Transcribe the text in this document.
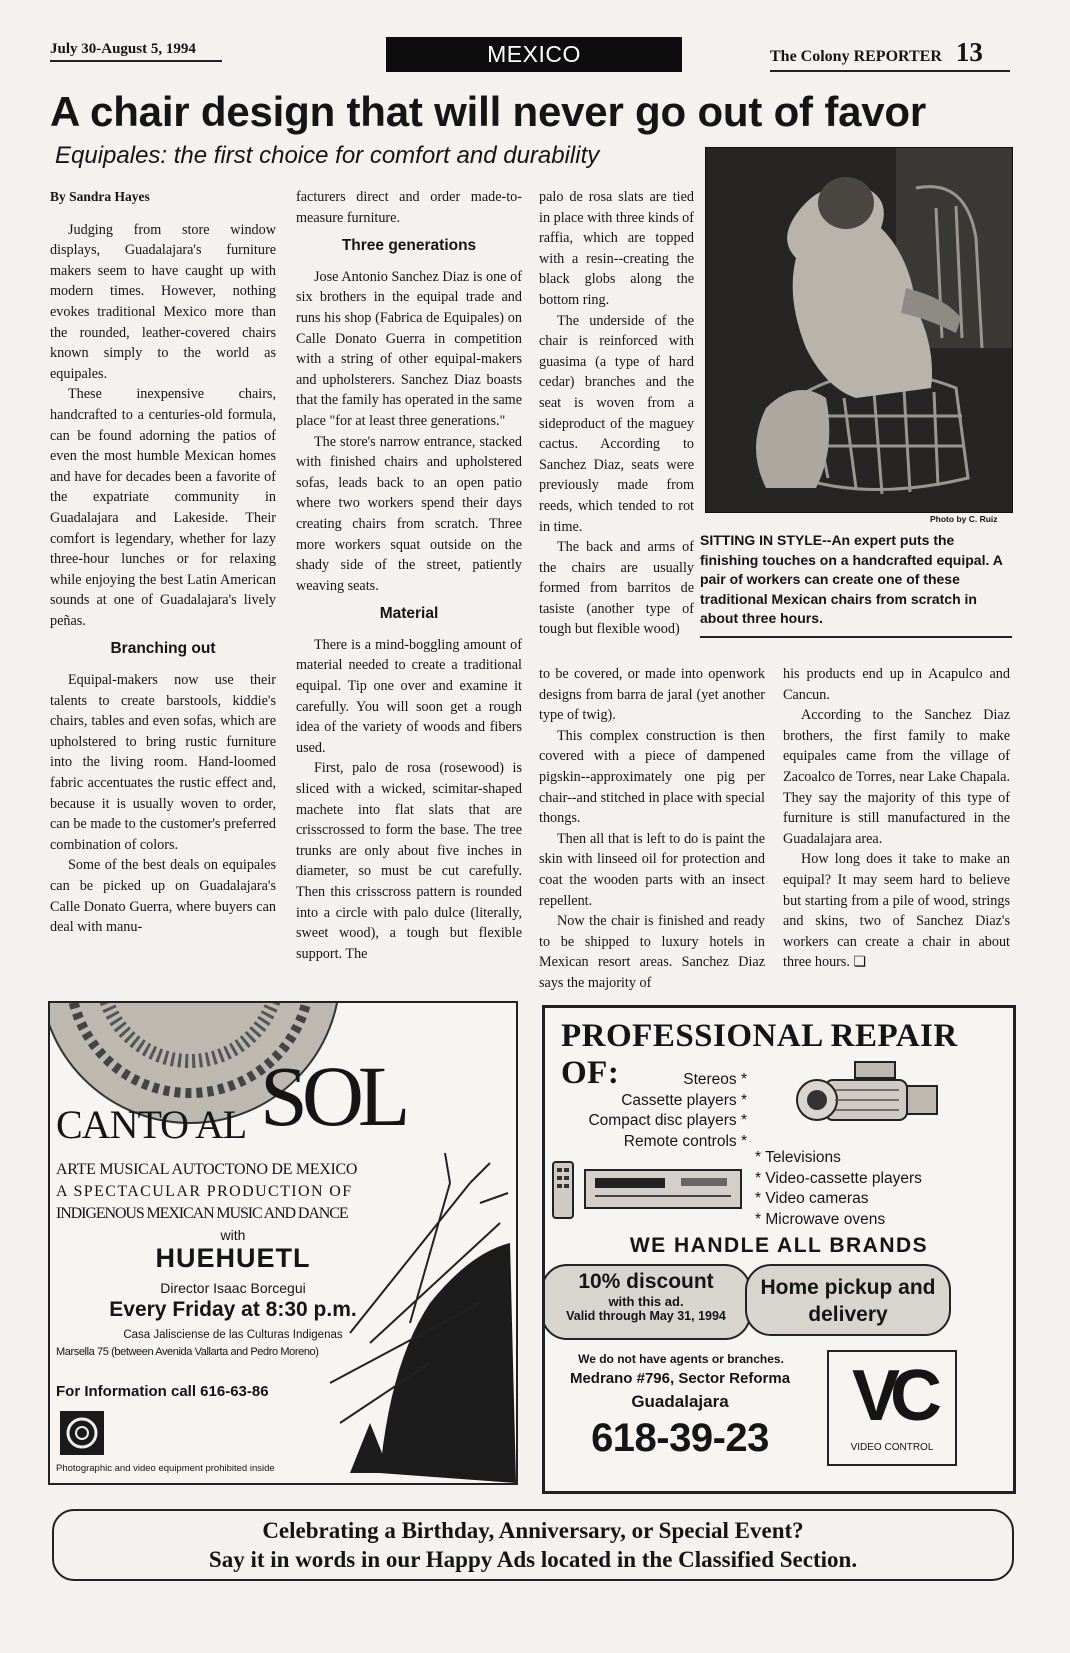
July 30-August 5, 1994	MEXICO	The Colony REPORTER 13
A chair design that will never go out of favor
Equipales: the first choice for comfort and durability

By Sandra Hayes

Judging from store window displays, Guadalajara's furniture makers seem to have caught up with modern times. However, nothing evokes traditional Mexico more than the rounded, leather-covered chairs known simply to the world as equipales.

These inexpensive chairs, handcrafted to a centuries-old formula, can be found adorning the patios of even the most humble Mexican homes and have for decades been a favorite of the expatriate community in Guadalajara and Lakeside. Their comfort is legendary, whether for lazy three-hour lunches or for relaxing while enjoying the best Latin American sounds at one of Guadalajara's lively peñas.

Branching out

Equipal-makers now use their talents to create barstools, kiddie's chairs, tables and even sofas, which are upholstered to bring rustic furniture into the living room. Hand-loomed fabric accentuates the rustic effect and, because it is usually woven to order, can be made to the customer's preferred combination of colors.

Some of the best deals on equipales can be picked up on Guadalajara's Calle Donato Guerra, where buyers can deal with manu-

facturers direct and order made-to-measure furniture.

Three generations

Jose Antonio Sanchez Diaz is one of six brothers in the equipal trade and runs his shop (Fabrica de Equipales) on Calle Donato Guerra in competition with a string of other equipal-makers and upholsterers. Sanchez Diaz boasts that the family has operated in the same place "for at least three generations."

The store's narrow entrance, stacked with finished chairs and upholstered sofas, leads back to an open patio where two workers spend their days creating chairs from scratch. Three more workers squat outside on the shady side of the street, patiently weaving seats.

Material

There is a mind-boggling amount of material needed to create a traditional equipal. Tip one over and examine it carefully. You will soon get a rough idea of the variety of woods and fibers used.

First, palo de rosa (rosewood) is sliced with a wicked, scimitar-shaped machete into flat slats that are crisscrossed to form the base. The tree trunks are only about five inches in diameter, so must be cut carefully. Then this crisscross pattern is rounded into a circle with palo dulce (literally, sweet wood), a tough but flexible support. The

palo de rosa slats are tied in place with three kinds of raffia, which are topped with a resin--creating the black globs along the bottom ring.

The underside of the chair is reinforced with guasima (a type of hard cedar) branches and the seat is woven from a sideproduct of the maguey cactus. According to Sanchez Diaz, seats were previously made from reeds, which tended to rot in time.

The back and arms of the chairs are usually formed from barritos de tasiste (another type of tough but flexible wood)

Photo by C. Ruiz
SITTING IN STYLE--An expert puts the finishing touches on a handcrafted equipal. A pair of workers can create one of these traditional Mexican chairs from scratch in about three hours.

to be covered, or made into openwork designs from barra de jaral (yet another type of twig).

This complex construction is then covered with a piece of dampened pigskin--approximately one pig per chair--and stitched in place with special thongs.

Then all that is left to do is paint the skin with linseed oil for protection and coat the wooden parts with an insect repellent.

Now the chair is finished and ready to be shipped to luxury hotels in Mexican resort areas. Sanchez Diaz says the majority of

his products end up in Acapulco and Cancun.

According to the Sanchez Diaz brothers, the first family to make equipales came from the village of Zacoalco de Torres, near Lake Chapala. They say the majority of this type of furniture is still manufactured in the Guadalajara area.

How long does it take to make an equipal? It may seem hard to believe but starting from a pile of wood, strings and skins, two of Sanchez Diaz's workers can create a chair in about three hours. ❏

CANTO AL SOL
ARTE MUSICAL AUTOCTONO DE MEXICO
A SPECTACULAR PRODUCTION OF
INDIGENOUS MEXICAN MUSIC AND DANCE
with
HUEHUETL
Director Isaac Borcegui
Every Friday at 8:30 p.m.
Casa Jalisciense de las Culturas Indigenas
Marsella 75 (between Avenida Vallarta and Pedro Moreno)
For Information call 616-63-86
Photographic and video equipment prohibited inside
PROFESSIONAL REPAIR OF:	Stereos *
Cassette players *
Compact disc players *
Remote controls *
* Televisions
* Video-cassette players
* Video cameras
* Microwave ovens
WE HANDLE ALL BRANDS
10% discount
with this ad.
Valid through May 31, 1994
Home pickup and delivery
We do not have agents or branches.
Medrano #796, Sector Reforma
Guadalajara
618-39-23
VC
VIDEO CONTROL
Celebrating a Birthday, Anniversary, or Special Event?
Say it in words in our Happy Ads located in the Classified Section.
